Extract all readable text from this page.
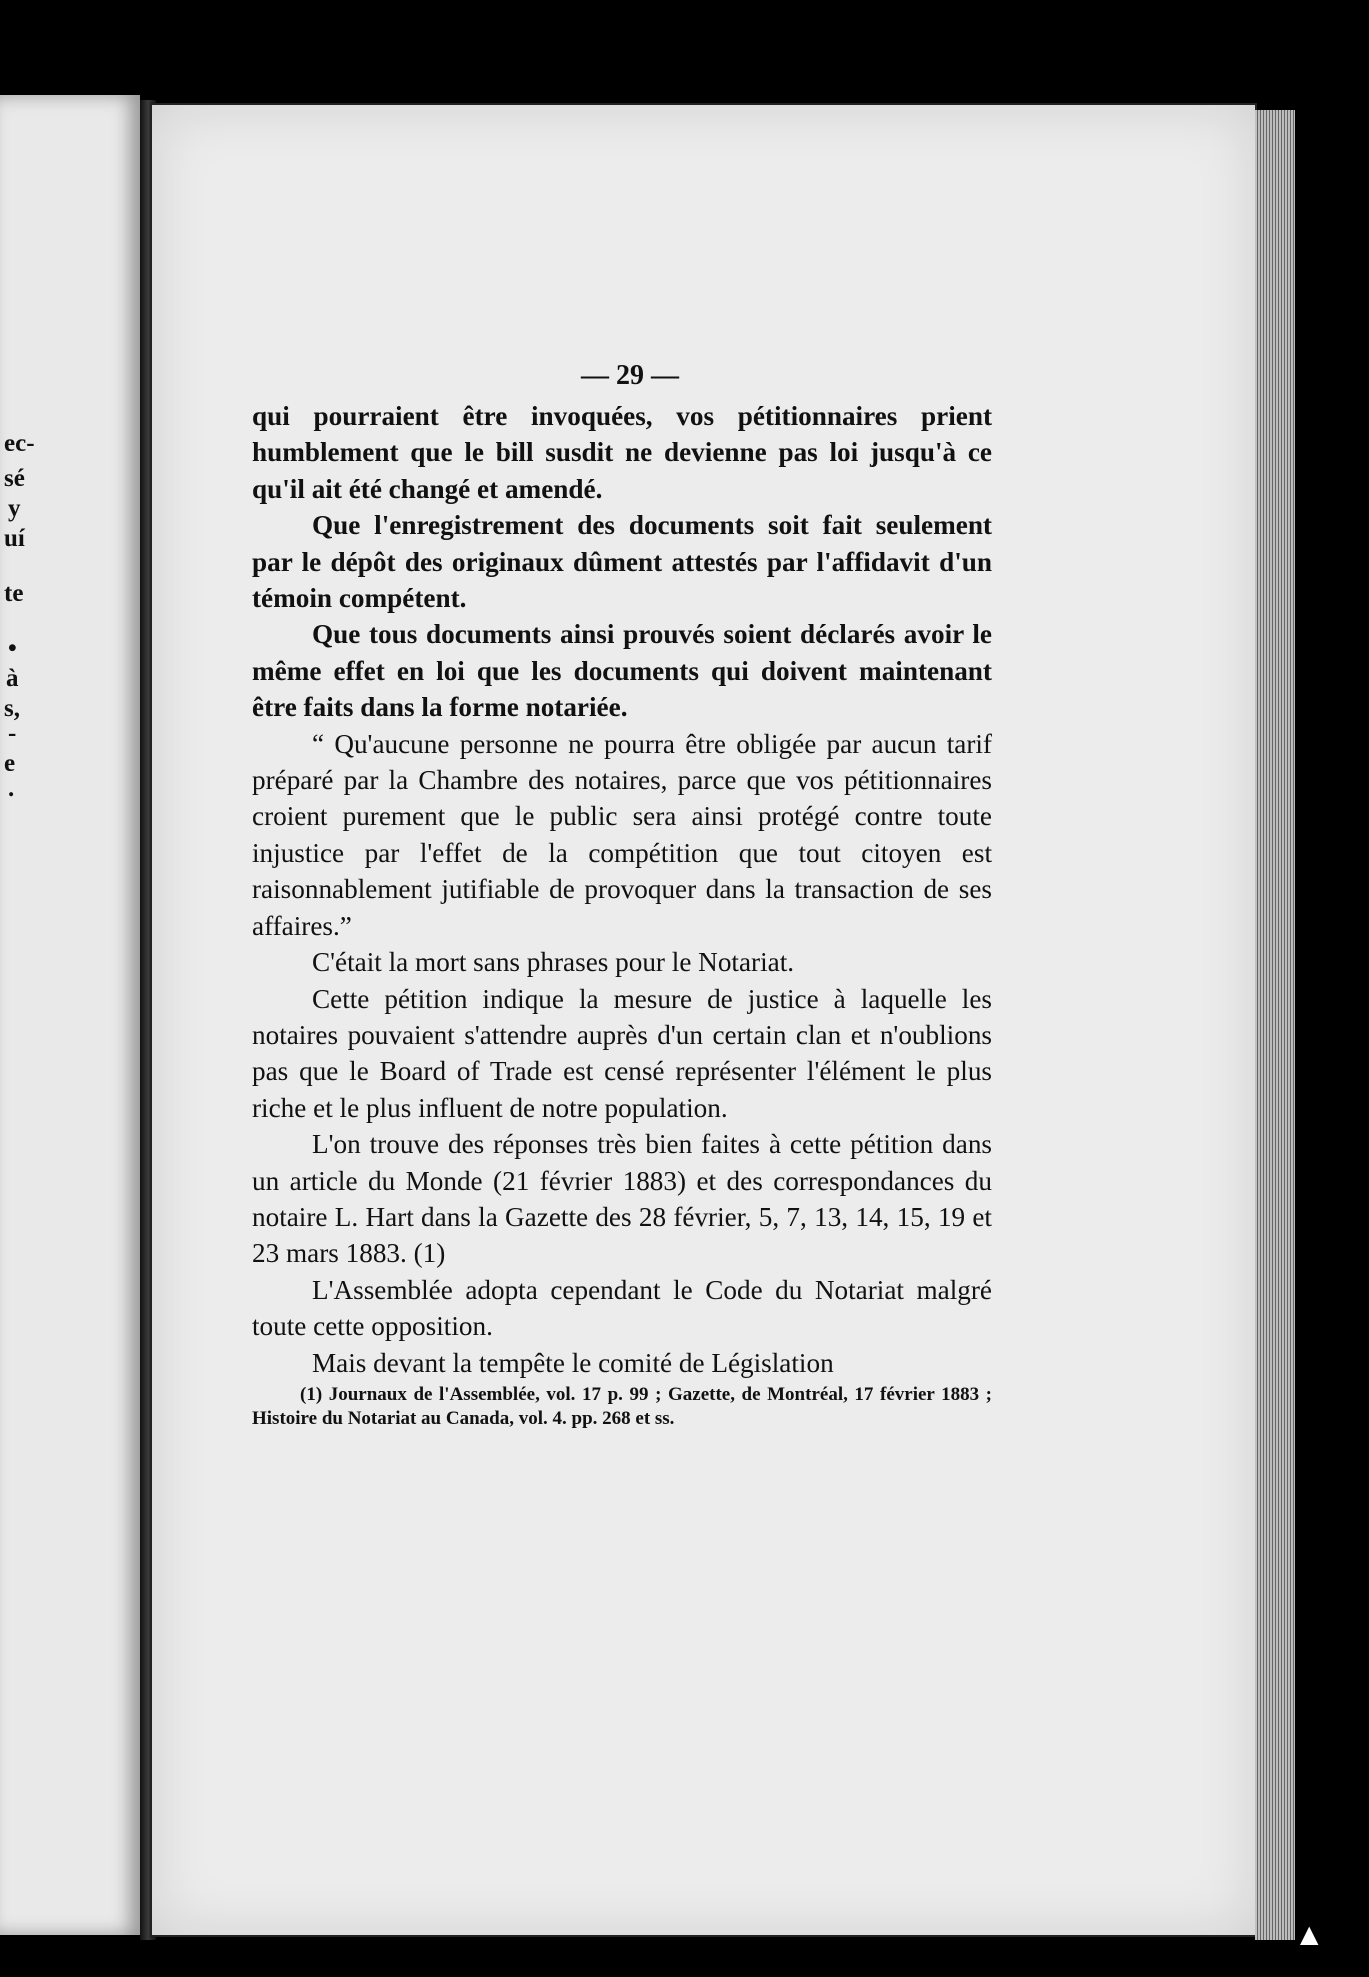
ec-
sé
y
uí
te
•
à
s,
-
e
.
— 29 —

qui pourraient être invoquées, vos pétitionnaires prient humblement que le bill susdit ne devienne pas loi jusqu'à ce qu'il ait été changé et amendé.

Que l'enregistrement des documents soit fait seulement par le dépôt des originaux dûment attestés par l'affidavit d'un témoin compétent.

Que tous documents ainsi prouvés soient déclarés avoir le même effet en loi que les documents qui doivent maintenant être faits dans la forme notariée.

“ Qu'aucune personne ne pourra être obligée par aucun tarif préparé par la Chambre des notaires, parce que vos pétitionnaires croient purement que le public sera ainsi protégé contre toute injustice par l'effet de la compétition que tout citoyen est raisonnablement jutifiable de provoquer dans la transaction de ses affaires.”

C'était la mort sans phrases pour le Notariat.

Cette pétition indique la mesure de justice à laquelle les notaires pouvaient s'attendre auprès d'un certain clan et n'oublions pas que le Board of Trade est censé représenter l'élément le plus riche et le plus influent de notre population.

L'on trouve des réponses très bien faites à cette pétition dans un article du Monde (21 février 1883) et des correspondances du notaire L. Hart dans la Gazette des 28 février, 5, 7, 13, 14, 15, 19 et 23 mars 1883. (1)

L'Assemblée adopta cependant le Code du Notariat malgré toute cette opposition.

Mais devant la tempête le comité de Législation

(1) Journaux de l'Assemblée, vol. 17 p. 99 ; Gazette, de Montréal, 17 février 1883 ; Histoire du Notariat au Canada, vol. 4. pp. 268 et ss.

▲
